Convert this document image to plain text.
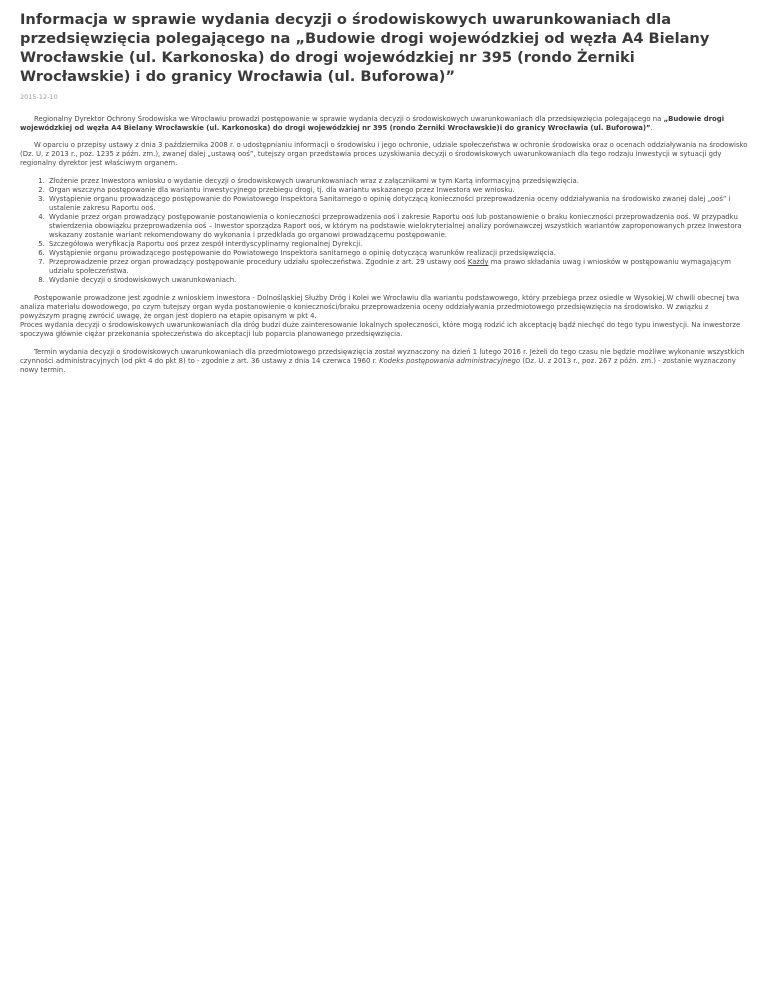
Informacja w sprawie wydania decyzji o środowiskowych uwarunkowaniach dla przedsięwzięcia polegającego na „Budowie drogi wojewódzkiej od węzła A4 Bielany Wrocławskie (ul. Karkonoska) do drogi wojewódzkiej nr 395 (rondo Żerniki Wrocławskie) i do granicy Wrocławia (ul. Buforowa)”
2015-12-10

Regionalny Dyrektor Ochrony Środowiska we Wrocławiu prowadzi postępowanie w sprawie wydania decyzji o środowiskowych uwarunkowaniach dla przedsięwzięcia polegającego na „Budowie drogi wojewódzkiej od węzła A4 Bielany Wrocławskie (ul. Karkonoska) do drogi wojewódzkiej nr 395 (rondo Żerniki Wrocławskie)i do granicy Wrocławia (ul. Buforowa)”.

W oparciu o przepisy ustawy z dnia 3 października 2008 r. o udostępnianiu informacji o środowisku i jego ochronie, udziale społeczeństwa w ochronie środowiska oraz o ocenach oddziaływania na środowisko (Dz. U. z 2013 r., poz. 1235 z późn. zm.), zwanej dalej „ustawą ooś”, tutejszy organ przedstawia proces uzyskiwania decyzji o środowiskowych uwarunkowaniach dla tego rodzaju inwestycji w sytuacji gdy regionalny dyrektor jest właściwym organem.

1. Złożenie przez Inwestora wniosku o wydanie decyzji o środowiskowych uwarunkowaniach wraz z załącznikami w tym Kartą informacyjną przedsięwzięcia.
2. Organ wszczyna postępowanie dla wariantu inwestycyjnego przebiegu drogi, tj. dla wariantu wskazanego przez Inwestora we wniosku.
3. Wystąpienie organu prowadzącego postępowanie do Powiatowego Inspektora Sanitarnego o opinię dotyczącą konieczności przeprowadzenia oceny oddziaływania na środowisko zwanej dalej „ooś” i ustalenie zakresu Raportu ooś.
4. Wydanie przez organ prowadzący postępowanie postanowienia o konieczności przeprowadzenia ooś i zakresie Raportu ooś lub postanowienie o braku konieczności przeprowadzenia ooś. W przypadku stwierdzenia obowiązku przeprowadzenia ooś – Inwestor sporządza Raport ooś, w którym na podstawie wielokryterialnej analizy porównawczej wszystkich wariantów zaproponowanych przez Inwestora wskazany zostanie wariant rekomendowany do wykonania i przedkłada go organowi prowadzącemu postępowanie.
5. Szczegółowa weryfikacja Raportu ooś przez zespół interdyscyplinarny regionalnej Dyrekcji.
6. Wystąpienie organu prowadzącego postępowanie do Powiatowego Inspektora sanitarnego o opinię dotyczącą warunków realizacji przedsięwzięcia.
7. Przeprowadzenie przez organ prowadzący postępowanie procedury udziału społeczeństwa. Zgodnie z art. 29 ustawy ooś Każdy ma prawo składania uwag i wniosków w postępowaniu wymagającym udziału społeczeństwa.
8. Wydanie decyzji o środowiskowych uwarunkowaniach.

Postępowanie prowadzone jest zgodnie z wnioskiem inwestora - Dolnośląskiej Służby Dróg i Kolei we Wrocławiu dla wariantu podstawowego, który przebiega przez osiedle w Wysokiej.W chwili obecnej twa analiza materiału dowodowego, po czym tutejszy organ wyda postanowienie o konieczności/braku przeprowadzenia oceny oddziaływania przedmiotowego przedsięwzięcia na środowisko. W związku z powyższym pragnę zwrócić uwagę, że organ jest dopiero na etapie opisanym w pkt 4.

Proces wydania decyzji o środowiskowych uwarunkowaniach dla dróg budzi duże zainteresowanie lokalnych społeczności, które mogą rodzić ich akceptację bądź niechęć do tego typu inwestycji. Na inwestorze spoczywa głównie ciężar przekonania społeczeństwa do akceptacji lub poparcia planowanego przedsięwzięcia.

Termin wydania decyzji o środowiskowych uwarunkowaniach dla przedmiotowego przedsięwzięcia został wyznaczony na dzień 1 lutego 2016 r. Jeżeli do tego czasu nie będzie możliwe wykonanie wszystkich czynności administracyjnych (od pkt 4 do pkt 8) to - zgodnie z art. 36 ustawy z dnia 14 czerwca 1960 r. Kodeks postępowania administracyjnego (Dz. U. z 2013 r., poz. 267 z późn. zm.) - zostanie wyznaczony nowy termin.
